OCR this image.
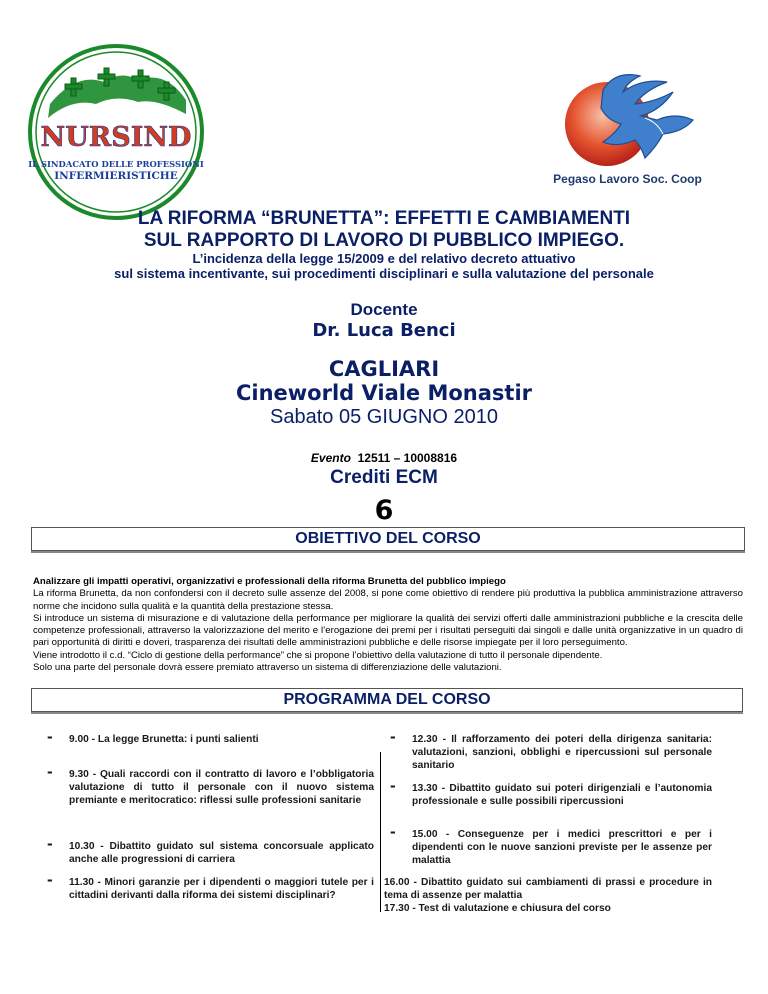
NURSIND
IL SINDACATO DELLE PROFESSIONI
INFERMIERISTICHE	Pegaso Lavoro Soc. Coop
LA RIFORMA “BRUNETTA”: EFFETTI E CAMBIAMENTI
SUL RAPPORTO DI LAVORO DI PUBBLICO IMPIEGO.
L’incidenza della legge 15/2009 e del relativo decreto attuativo
sul sistema incentivante, sui procedimenti disciplinari e sulla valutazione del personale
Docente
Dr. Luca Benci
CAGLIARI
Cineworld Viale Monastir
Sabato 05 GIUGNO 2010
Evento 12511 – 10008816
Crediti ECM
6
OBIETTIVO DEL CORSO

Analizzare gli impatti operativi, organizzativi e professionali della riforma Brunetta del pubblico impiego

La riforma Brunetta, da non confondersi con il decreto sulle assenze del 2008, si pone come obiettivo di rendere più produttiva la pubblica amministrazione attraverso norme che incidono sulla qualità e la quantità della prestazione stessa.

Si introduce un sistema di misurazione e di valutazione della performance per migliorare la qualità dei servizi offerti dalle amministrazioni pubbliche e la crescita delle competenze professionali, attraverso la valorizzazione del merito e l’erogazione dei premi per i risultati perseguiti dai singoli e dalle unità organizzative in un quadro di pari opportunità di diritti e doveri, trasparenza dei risultati delle amministrazioni pubbliche e delle risorse impiegate per il loro perseguimento.

Viene introdotto il c.d. “Ciclo di gestione della performance” che si propone l’obiettivo della valutazione di tutto il personale dipendente.

Solo una parte del personale dovrà essere premiato attraverso un sistema di differenziazione delle valutazioni.

PROGRAMMA DEL CORSO
- 9.00 - La legge Brunetta: i punti salienti
- 9.30 - Quali raccordi con il contratto di lavoro e l’obbligatoria valutazione di tutto il personale con il nuovo sistema premiante e meritocratico: riflessi sulle professioni sanitarie
- 10.30 - Dibattito guidato sul sistema concorsuale applicato anche alle progressioni di carriera
- 11.30 - Minori garanzie per i dipendenti o maggiori tutele per i cittadini derivanti dalla riforma dei sistemi disciplinari?
- 12.30 - Il rafforzamento dei poteri della dirigenza sanitaria: valutazioni, sanzioni, obblighi e ripercussioni sul personale sanitario
- 13.30 - Dibattito guidato sui poteri dirigenziali e l’autonomia professionale e sulle possibili ripercussioni
- 15.00 - Conseguenze per i medici prescrittori e per i dipendenti con le nuove sanzioni previste per le assenze per malattia
16.00 - Dibattito guidato sui cambiamenti di prassi e procedure in tema di assenze per malattia
17.30 - Test di valutazione e chiusura del corso
